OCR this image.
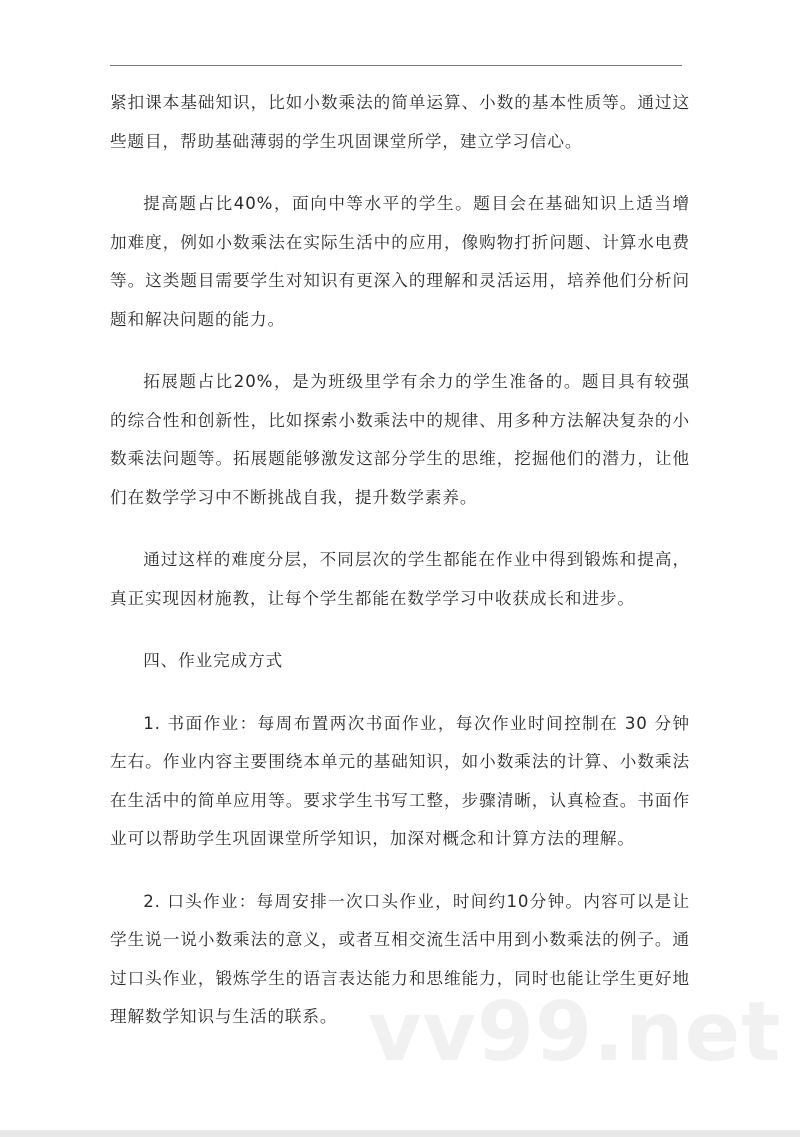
紧扣课本基础知识，比如小数乘法的简单运算、小数的基本性质等。通过这些题目，帮助基础薄弱的学生巩固课堂所学，建立学习信心。

提高题占比40%，面向中等水平的学生。题目会在基础知识上适当增加难度，例如小数乘法在实际生活中的应用，像购物打折问题、计算水电费等。这类题目需要学生对知识有更深入的理解和灵活运用，培养他们分析问题和解决问题的能力。

拓展题占比20%，是为班级里学有余力的学生准备的。题目具有较强的综合性和创新性，比如探索小数乘法中的规律、用多种方法解决复杂的小数乘法问题等。拓展题能够激发这部分学生的思维，挖掘他们的潜力，让他们在数学学习中不断挑战自我，提升数学素养。

通过这样的难度分层，不同层次的学生都能在作业中得到锻炼和提高，真正实现因材施教，让每个学生都能在数学学习中收获成长和进步。

四、作业完成方式

1. 书面作业：每周布置两次书面作业，每次作业时间控制在 30 分钟左右。作业内容主要围绕本单元的基础知识，如小数乘法的计算、小数乘法在生活中的简单应用等。要求学生书写工整，步骤清晰，认真检查。书面作业可以帮助学生巩固课堂所学知识，加深对概念和计算方法的理解。

2. 口头作业：每周安排一次口头作业，时间约10分钟。内容可以是让学生说一说小数乘法的意义，或者互相交流生活中用到小数乘法的例子。通过口头作业，锻炼学生的语言表达能力和思维能力，同时也能让学生更好地理解数学知识与生活的联系。 vv99.net
